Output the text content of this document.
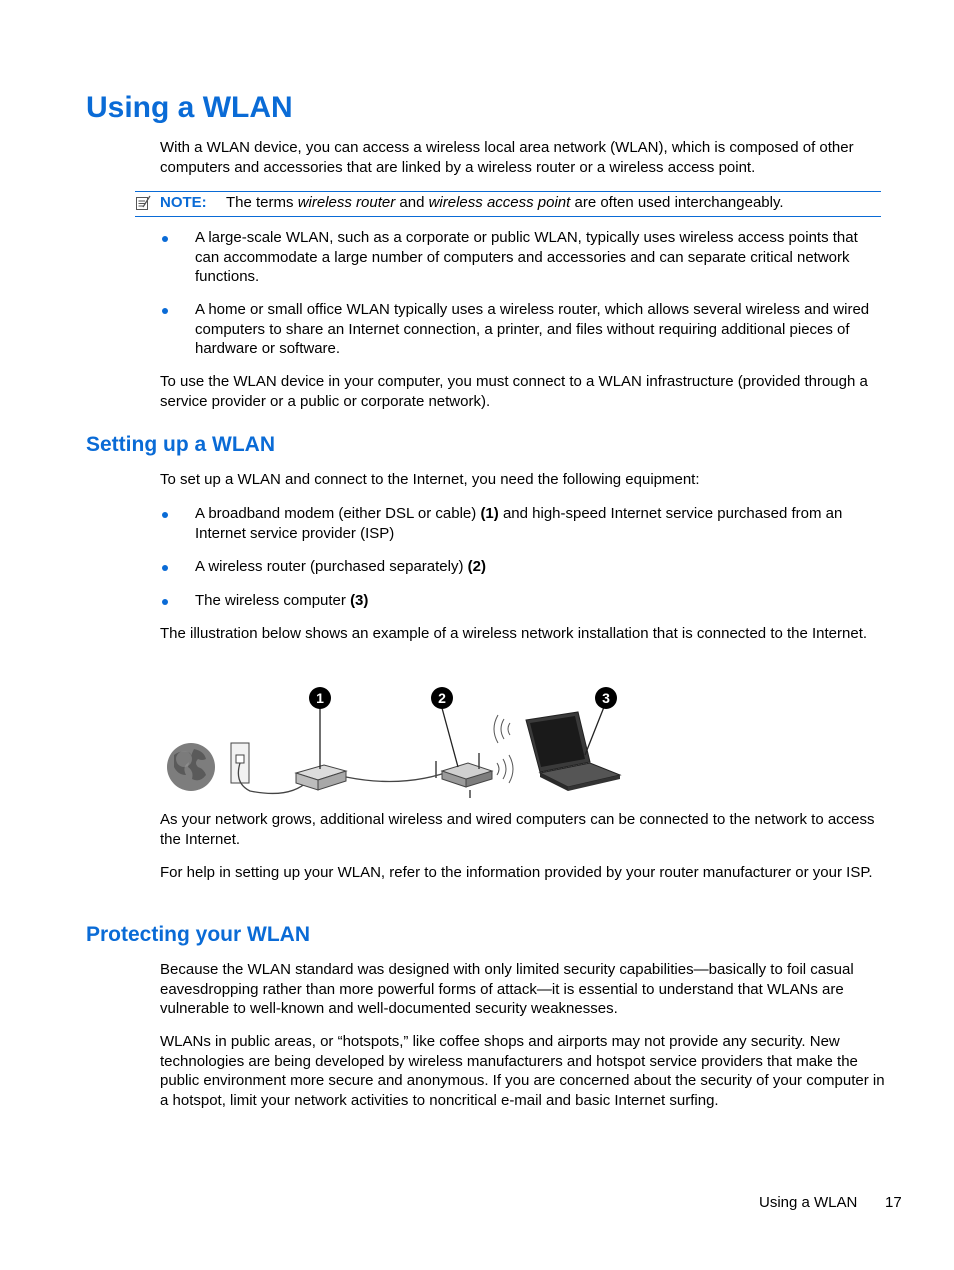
Using a WLAN

With a WLAN device, you can access a wireless local area network (WLAN), which is composed of other computers and accessories that are linked by a wireless router or a wireless access point.

NOTE: The terms wireless router and wireless access point are often used interchangeably.
A large-scale WLAN, such as a corporate or public WLAN, typically uses wireless access points that can accommodate a large number of computers and accessories and can separate critical network functions.
A home or small office WLAN typically uses a wireless router, which allows several wireless and wired computers to share an Internet connection, a printer, and files without requiring additional pieces of hardware or software.

To use the WLAN device in your computer, you must connect to a WLAN infrastructure (provided through a service provider or a public or corporate network).

Setting up a WLAN

To set up a WLAN and connect to the Internet, you need the following equipment:

A broadband modem (either DSL or cable) (1) and high-speed Internet service purchased from an Internet service provider (ISP)
A wireless router (purchased separately) (2)
The wireless computer (3)

The illustration below shows an example of a wireless network installation that is connected to the Internet.

1	2	3

As your network grows, additional wireless and wired computers can be connected to the network to access the Internet.

For help in setting up your WLAN, refer to the information provided by your router manufacturer or your ISP.

Protecting your WLAN

Because the WLAN standard was designed with only limited security capabilities—basically to foil casual eavesdropping rather than more powerful forms of attack—it is essential to understand that WLANs are vulnerable to well-known and well-documented security weaknesses.

WLANs in public areas, or “hotspots,” like coffee shops and airports may not provide any security. New technologies are being developed by wireless manufacturers and hotspot service providers that make the public environment more secure and anonymous. If you are concerned about the security of your computer in a hotspot, limit your network activities to noncritical e-mail and basic Internet surfing.

Using a WLAN 17
